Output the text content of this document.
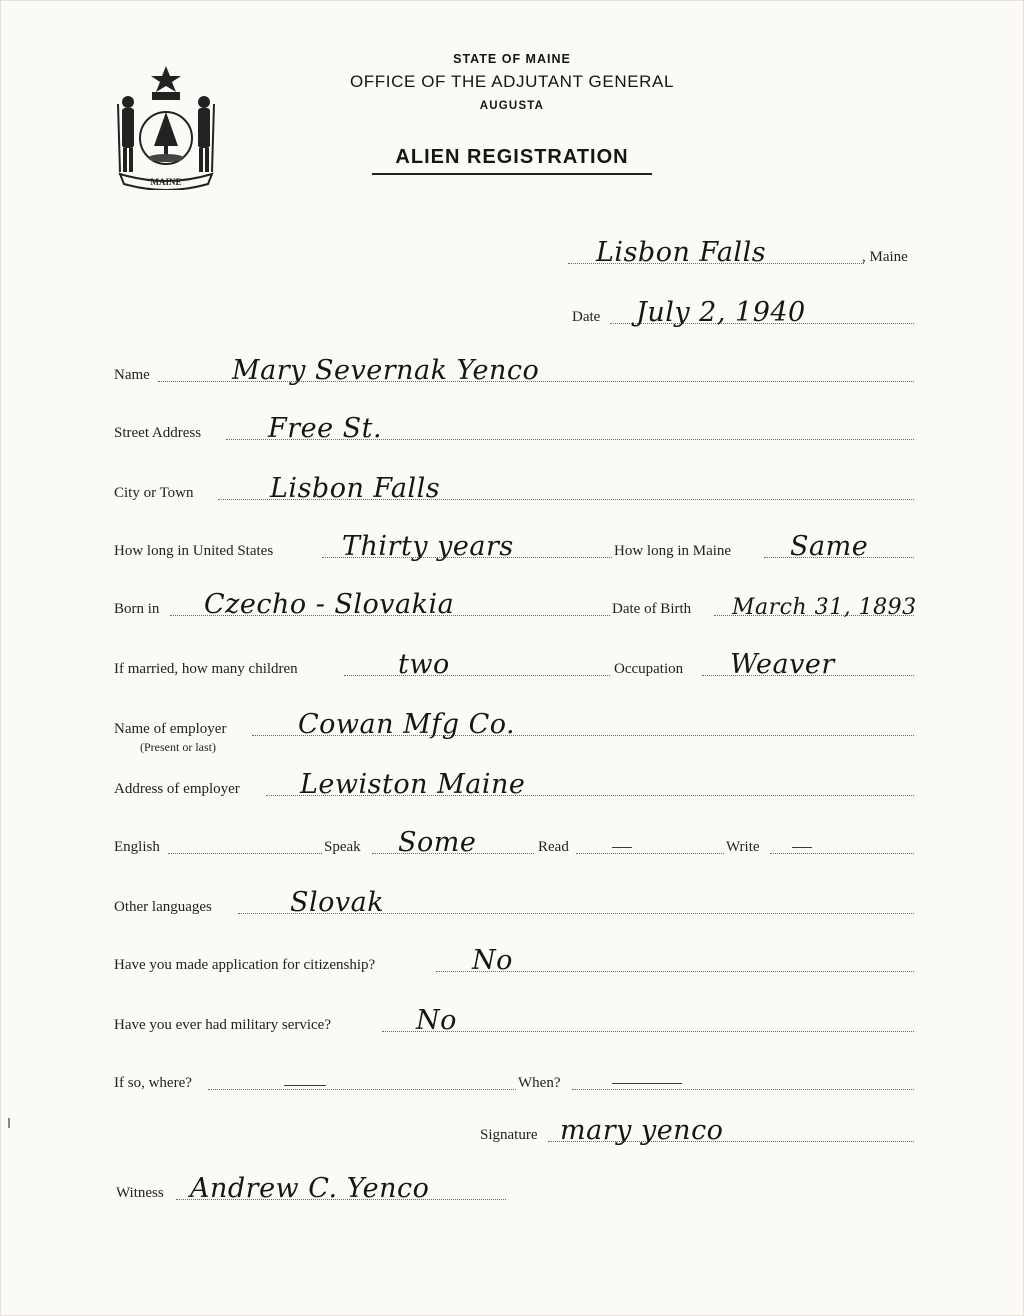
MAINE
STATE OF MAINE
OFFICE OF THE ADJUTANT GENERAL
AUGUSTA
ALIEN REGISTRATION
Lisbon Falls	, Maine
Date July 2, 1940
Name	Mary Severnak Yenco
Street Address Free St.
City or Town	Lisbon Falls
How long in United States	Thirty years	How long in Maine Same
Born in Czecho - Slovakia	Date of Birth March 31, 1893
If married, how many children	two	Occupation Weaver
Name of employer	Cowan Mfg Co.
(Present or last)
Address of employer Lewiston Maine
English	Speak Some	Read	Write
Other languages	Slovak
Have you made application for citizenship?	No
Have you ever had military service?	No
If so, where?	When?
Signature mary yenco
Witness Andrew C. Yenco
